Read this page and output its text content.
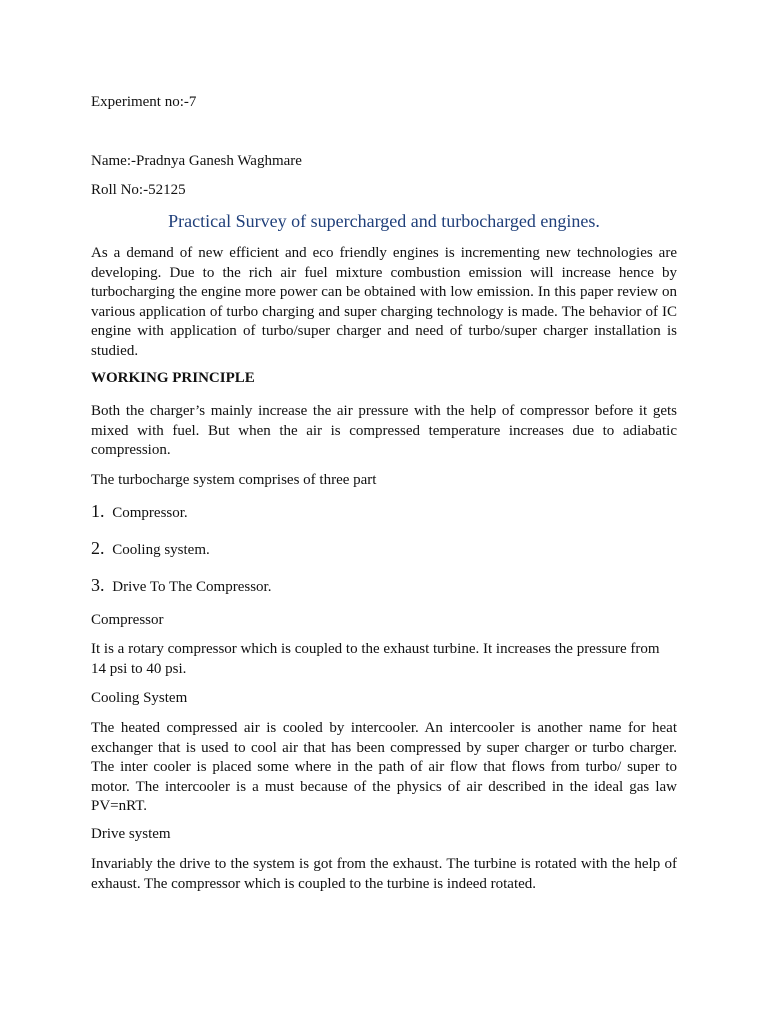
Experiment no:-7
Name:-Pradnya Ganesh Waghmare
Roll No:-52125
Practical Survey of supercharged and turbocharged engines.
As a demand of new efficient and eco friendly engines is incrementing new technologies are developing. Due to the rich air fuel mixture combustion emission will increase hence by turbocharging the engine more power can be obtained with low emission. In this paper review on various application of turbo charging and super charging technology is made. The behavior of IC engine with application of turbo/super charger and need of turbo/super charger installation is studied.
WORKING PRINCIPLE
Both the charger’s mainly increase the air pressure with the help of compressor before it gets mixed with fuel. But when the air is compressed temperature increases due to adiabatic compression.
The turbocharge system comprises of three part
1. Compressor.
2. Cooling system.
3. Drive To The Compressor.
Compressor
It is a rotary compressor which is coupled to the exhaust turbine. It increases the pressure from 14 psi to 40 psi.
Cooling System
The heated compressed air is cooled by intercooler. An intercooler is another name for heat exchanger that is used to cool air that has been compressed by super charger or turbo charger. The inter cooler is placed some where in the path of air flow that flows from turbo/ super to motor. The intercooler is a must because of the physics of air described in the ideal gas law PV=nRT.
Drive system
Invariably the drive to the system is got from the exhaust. The turbine is rotated with the help of exhaust. The compressor which is coupled to the turbine is indeed rotated.
